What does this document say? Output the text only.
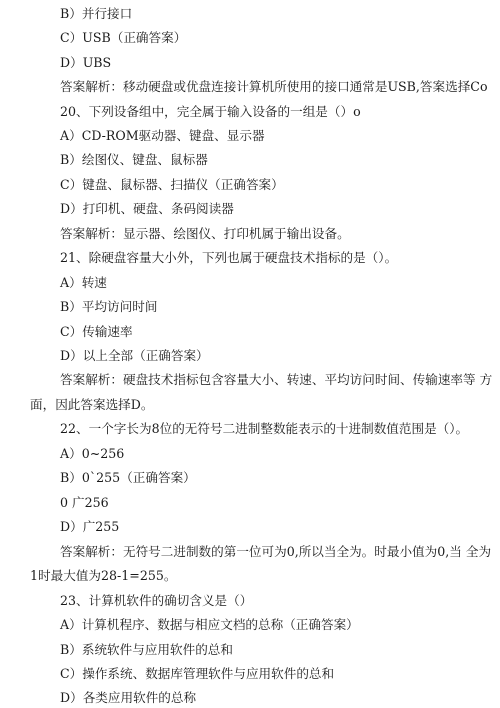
B）并行接口
C）USB（正确答案）
D）UBS
答案解析：移动硬盘或优盘连接计算机所使用的接口通常是USB,答案选择Co
20、下列设备组中，完全属于输入设备的一组是（）o
A）CD-ROM驱动器、键盘、显示器
B）绘图仪、键盘、鼠标器
C）键盘、鼠标器、扫描仪（正确答案）
D）打印机、硬盘、条码阅读器
答案解析：显示器、绘图仪、打印机属于输出设备。
21、除硬盘容量大小外，下列也属于硬盘技术指标的是（）。
A）转速
B）平均访问时间
C）传输速率
D）以上全部（正确答案）
答案解析：硬盘技术指标包含容量大小、转速、平均访问时间、传输速率等 方
面，因此答案选择D。
22、一个字长为8位的无符号二进制整数能表示的十进制数值范围是（）。
A）0~256
B）0`255（正确答案）
0 广256
D）广255
答案解析：无符号二进制数的第一位可为0,所以当全为。时最小值为0,当 全为
1时最大值为28-1=255。
23、计算机软件的确切含义是（）
A）计算机程序、数据与相应文档的总称（正确答案）
B）系统软件与应用软件的总和
C）操作系统、数据库管理软件与应用软件的总和
D）各类应用软件的总称
